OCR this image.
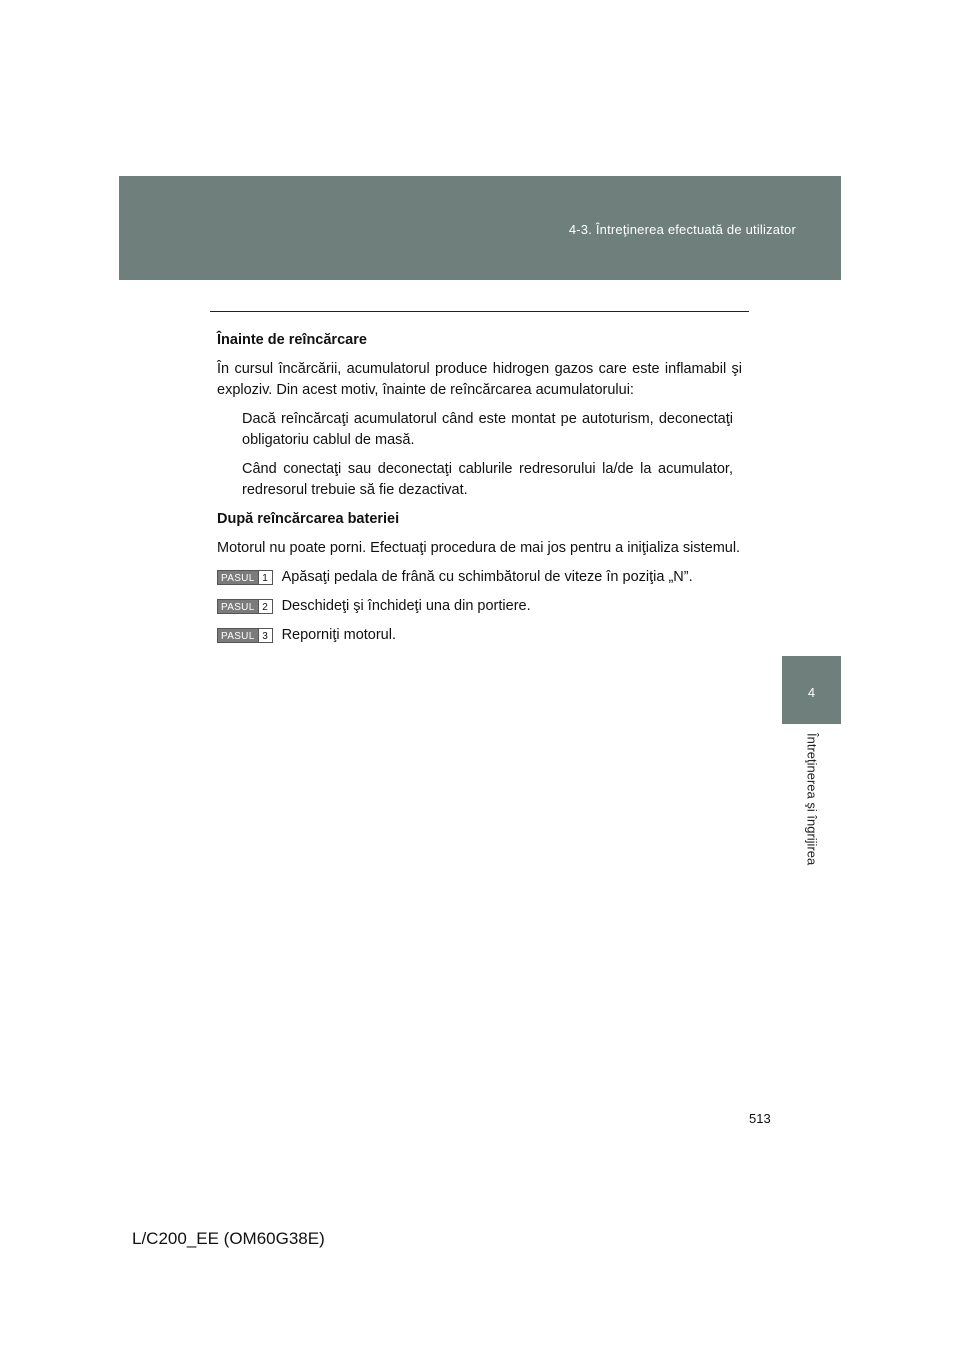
4-3. Întreţinerea efectuată de utilizator
4
Întreţinerea şi îngrijirea

Înainte de reîncărcare

În cursul încărcării, acumulatorul produce hidrogen gazos care este inflamabil şi exploziv. Din acest motiv, înainte de reîncărcarea acumulatorului:

Dacă reîncărcaţi acumulatorul când este montat pe autoturism, deconectaţi obligatoriu cablul de masă.

Când conectaţi sau deconectaţi cablurile redresorului la/de la acumulator, redresorul trebuie să fie dezactivat.

După reîncărcarea bateriei

Motorul nu poate porni. Efectuaţi procedura de mai jos pentru a iniţializa sistemul.

PASUL 1 Apăsaţi pedala de frână cu schimbătorul de viteze în poziţia „N”.
PASUL 2 Deschideţi şi închideţi una din portiere.
PASUL 3 Reporniţi motorul.
513
L/C200_EE (OM60G38E)
